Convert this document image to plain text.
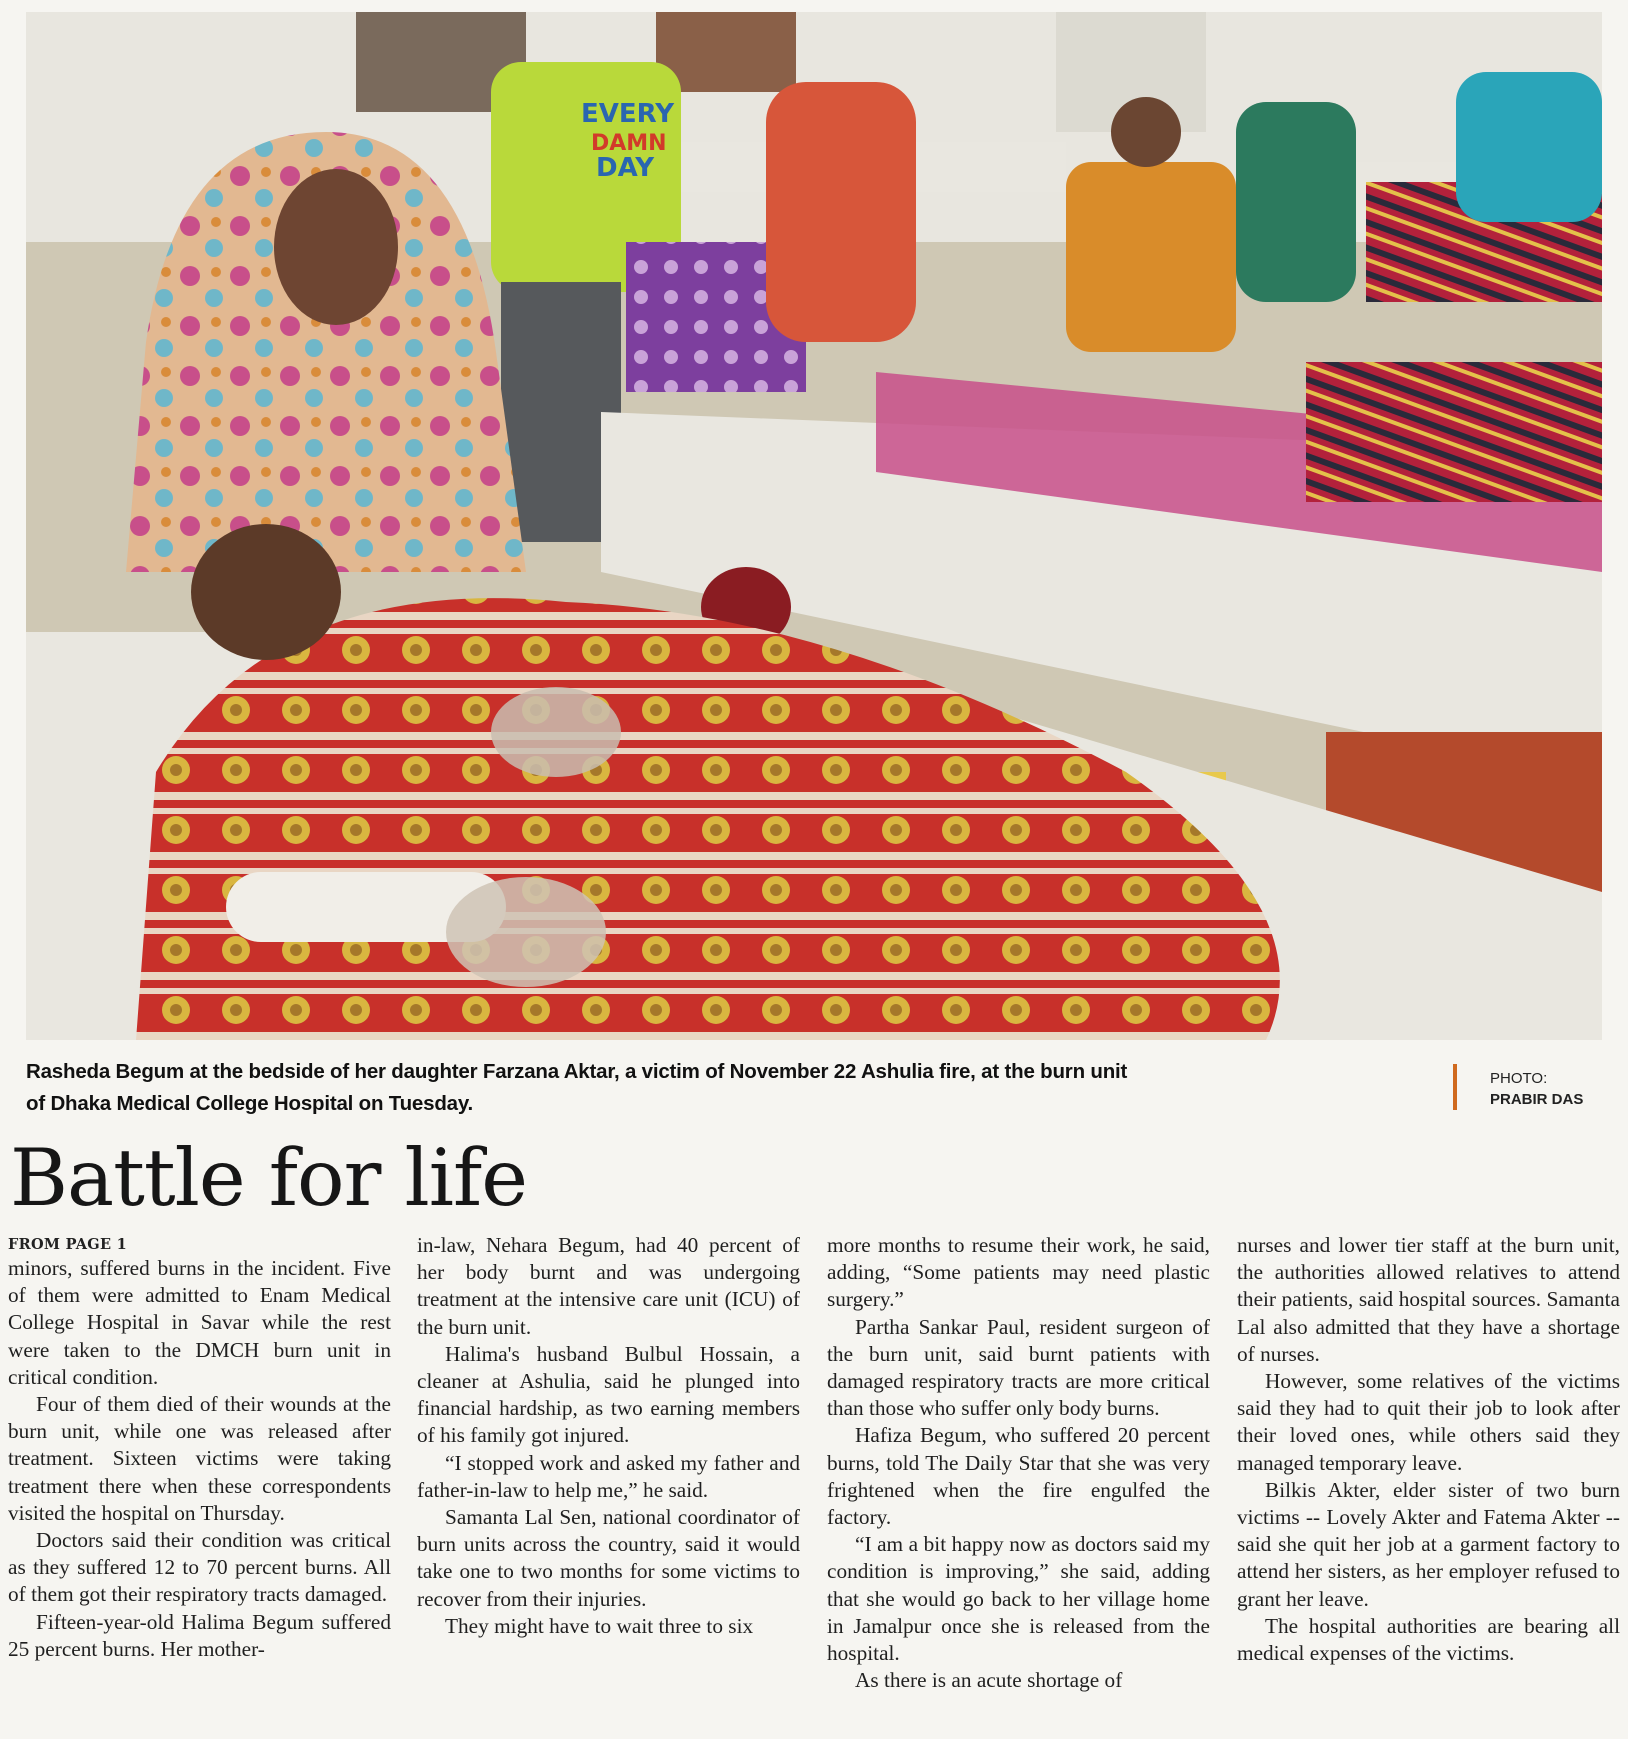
EVERY
DAMN
DAY
Rasheda Begum at the bedside of her daughter Farzana Aktar, a victim of November 22 Ashulia fire, at the burn unit
of Dhaka Medical College Hospital on Tuesday.
PHOTO:
PRABIR DAS
Battle for life
FROM PAGE 1

minors, suffered burns in the incident. Five of them were admitted to Enam Medical College Hospital in Savar while the rest were taken to the DMCH burn unit in critical condition.

Four of them died of their wounds at the burn unit, while one was released after treatment. Sixteen victims were taking treatment there when these correspondents visited the hospital on Thursday.

Doctors said their condition was critical as they suffered 12 to 70 percent burns. All of them got their respiratory tracts damaged.

Fifteen-year-old Halima Begum suffered 25 percent burns. Her mother-

in-law, Nehara Begum, had 40 percent of her body burnt and was undergoing treatment at the intensive care unit (ICU) of the burn unit.

Halima's husband Bulbul Hossain, a cleaner at Ashulia, said he plunged into financial hardship, as two earning members of his family got injured.

“I stopped work and asked my father and father-in-law to help me,” he said.

Samanta Lal Sen, national coordinator of burn units across the country, said it would take one to two months for some victims to recover from their injuries.

They might have to wait three to six

more months to resume their work, he said, adding, “Some patients may need plastic surgery.”

Partha Sankar Paul, resident surgeon of the burn unit, said burnt patients with damaged respiratory tracts are more critical than those who suffer only body burns.

Hafiza Begum, who suffered 20 percent burns, told The Daily Star that she was very frightened when the fire engulfed the factory.

“I am a bit happy now as doctors said my condition is improving,” she said, adding that she would go back to her village home in Jamalpur once she is released from the hospital.

As there is an acute shortage of

nurses and lower tier staff at the burn unit, the authorities allowed relatives to attend their patients, said hospital sources. Samanta Lal also admitted that they have a shortage of nurses.

However, some relatives of the victims said they had to quit their job to look after their loved ones, while others said they managed temporary leave.

Bilkis Akter, elder sister of two burn victims -- Lovely Akter and Fatema Akter -- said she quit her job at a garment factory to attend her sisters, as her employer refused to grant her leave.

The hospital authorities are bearing all medical expenses of the victims.
